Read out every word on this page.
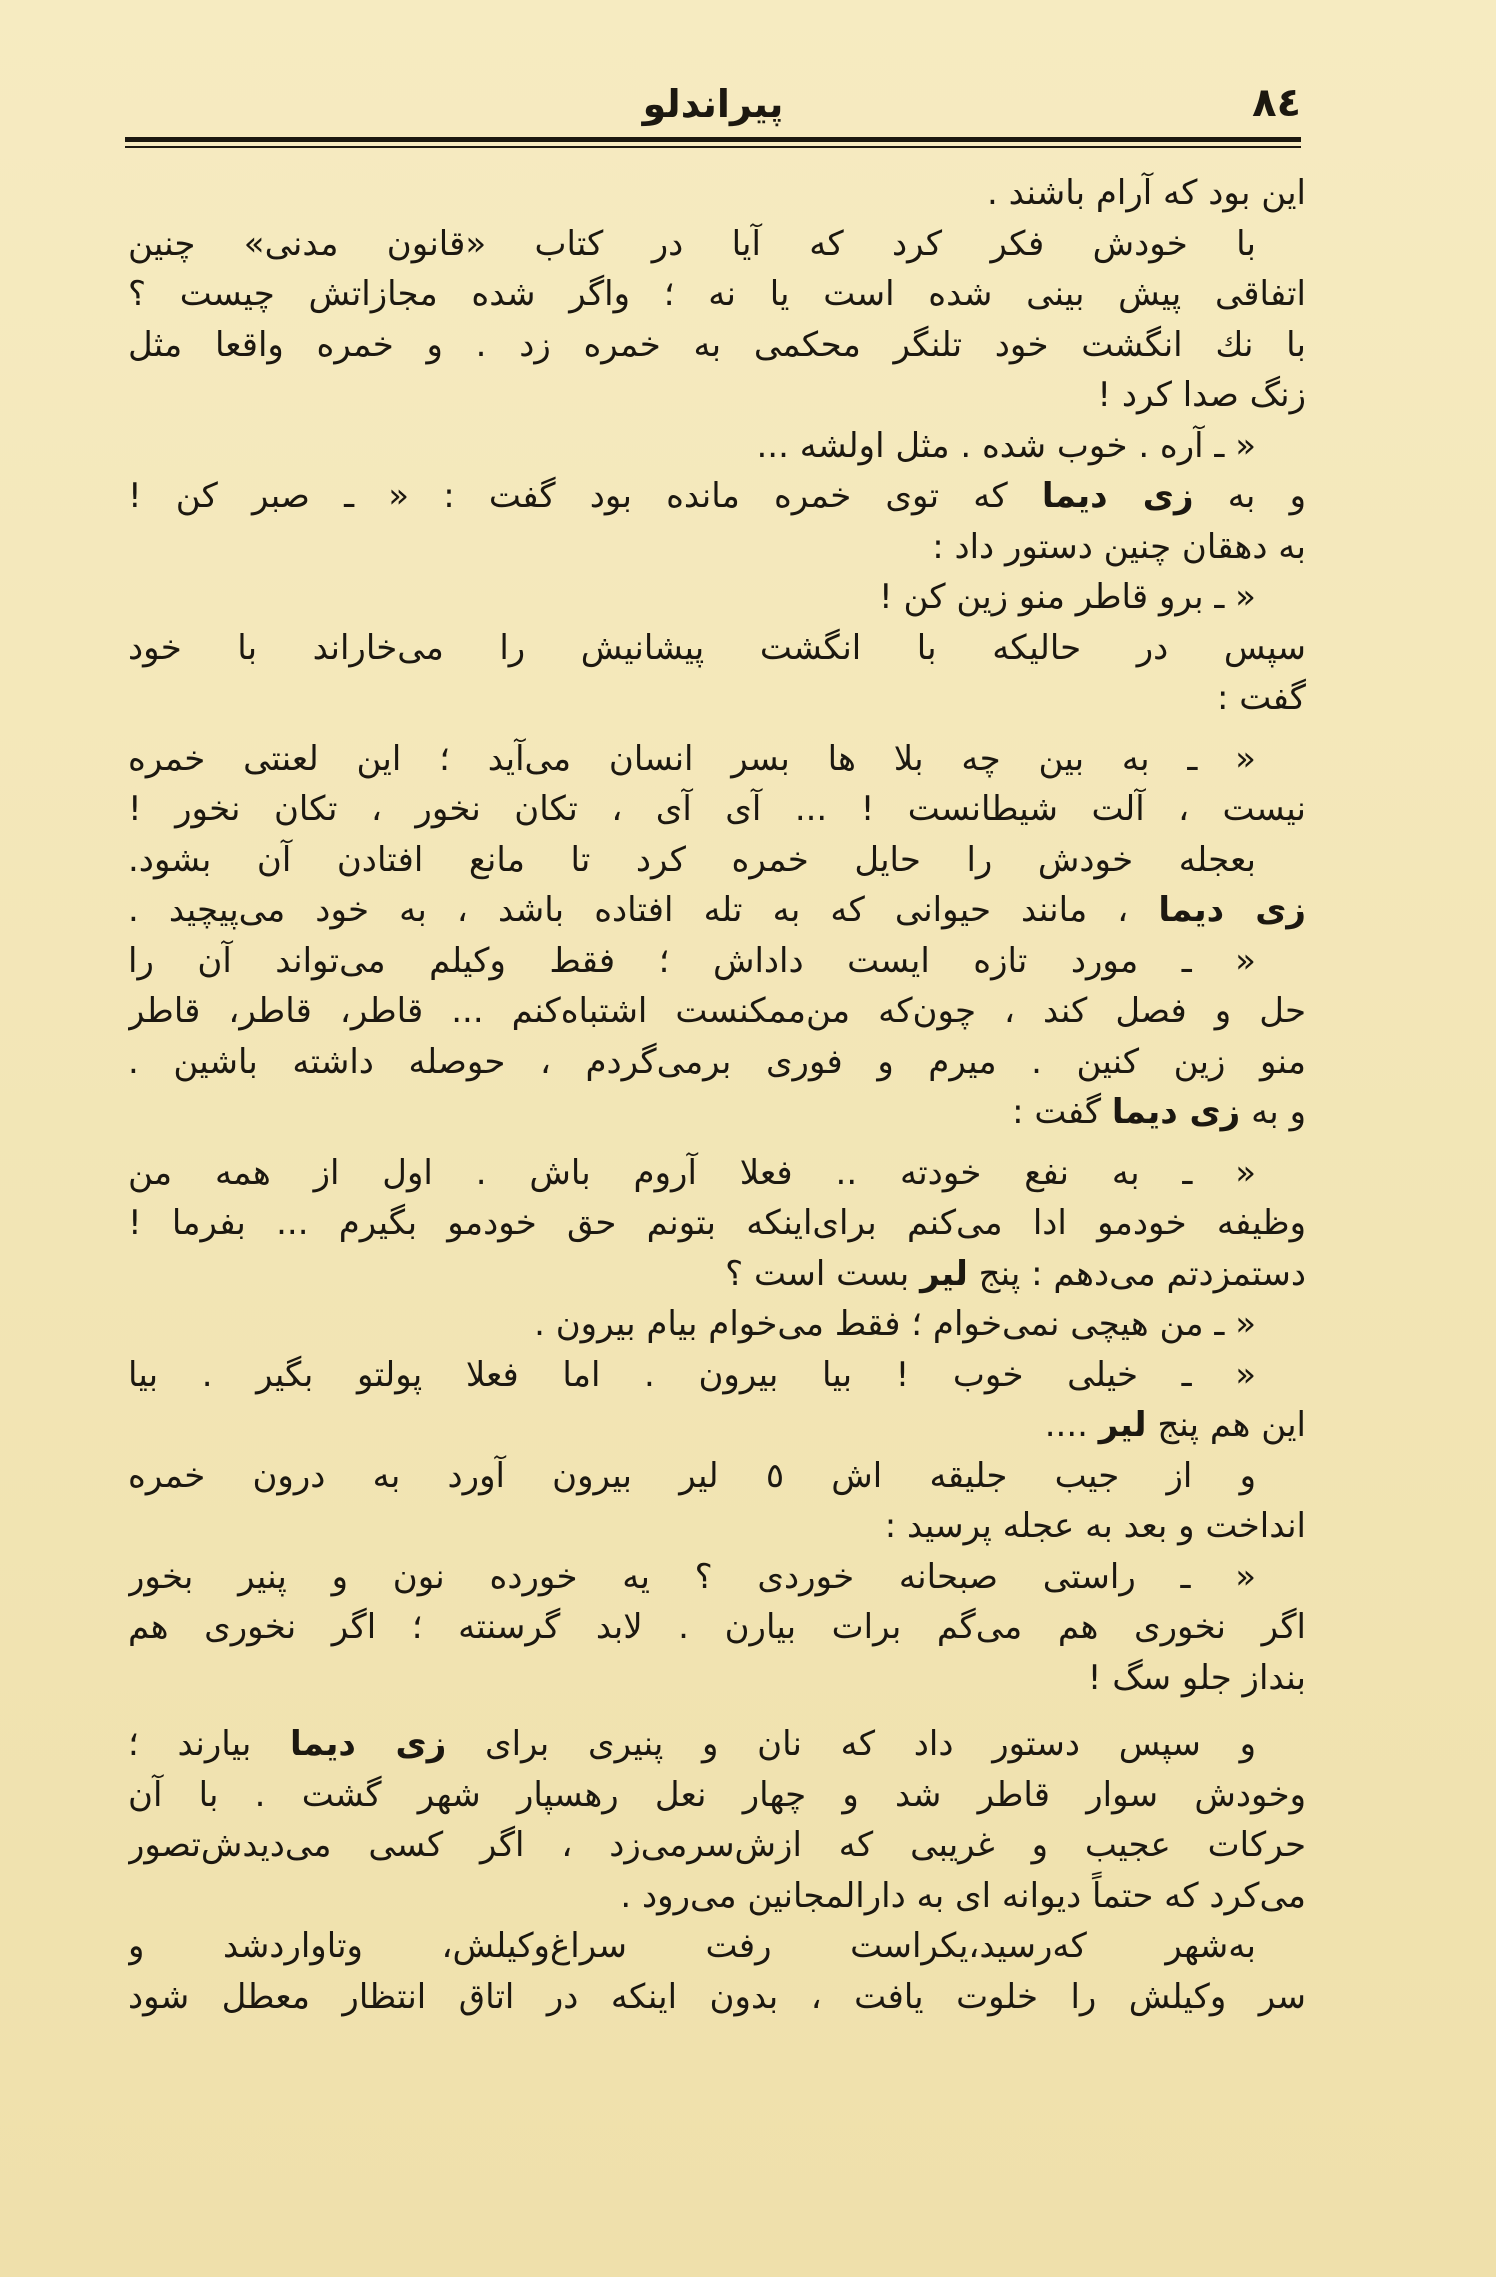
۸٤
پیراندلو
این بود که آرام باشند .
با خودش فکر کرد که آیا در کتاب «قانون مدنی» چنین
اتفاقی پیش بینی شده است یا نه ؛ واگر شده مجازاتش چیست ؟
با نك انگشت خود تلنگر محکمی به خمره زد . و خمره واقعا مثل
زنگ صدا کرد !
« ـ آره . خوب شده . مثل اولشه ...
و به زی دیما که توی خمره مانده بود گفت : « ـ صبر کن !
به دهقان چنین دستور داد :
« ـ برو قاطر منو زین کن !
سپس در حالیکه با انگشت پیشانیش را می‌خاراند با خود
گفت :
« ـ به بین چه بلا ها بسر انسان می‌آید ؛ این لعنتی خمره
نیست ، آلت شیطانست ! ... آی آی ، تکان نخور ، تکان نخور !
بعجله خودش را حایل خمره کرد تا مانع افتادن آن بشود.
زی دیما ، مانند حیوانی که به تله افتاده باشد ، به خود می‌پیچید .
« ـ مورد تازه ایست داداش ؛ فقط وکیلم می‌تواند آن را
حل و فصل کند ، چون‌که من‌ممکنست اشتباه‌کنم ... قاطر، قاطر، قاطر
منو زین کنین . میرم و فوری برمی‌گردم ، حوصله داشته باشین .
و به زی دیما گفت :
« ـ به نفع خودته .. فعلا آروم باش . اول از همه من
وظیفه خودمو ادا می‌کنم برای‌اینکه بتونم حق خودمو بگیرم ... بفرما !
دستمزدتم می‌دهم : پنج لیر بست است ؟
« ـ من هیچی نمی‌خوام ؛ فقط می‌خوام بیام بیرون .
« ـ خیلی خوب ! بیا بیرون . اما فعلا پولتو بگیر . بیا
این هم پنج لیر ....
و از جیب جلیقه اش ٥ لیر بیرون آورد به درون خمره
انداخت و بعد به عجله پرسید :
« ـ راستی صبحانه خوردی ؟ یه خورده نون و پنیر بخور
اگر نخوری هم می‌گم برات بیارن . لابد گرسنته ؛ اگر نخوری هم
بنداز جلو سگ !
و سپس دستور داد که نان و پنیری برای زی دیما بیارند ؛
وخودش سوار قاطر شد و چهار نعل رهسپار شهر گشت . با آن
حرکات عجیب و غریبی که ازش‌سرمی‌زد ، اگر کسی می‌دیدش‌تصور
می‌کرد که حتماً دیوانه ای به دارالمجانین می‌رود .
به‌شهر که‌رسید،یکراست رفت سراغ‌وکیلش، وتاواردشد و
سر وکیلش را خلوت یافت ، بدون اینکه در اتاق انتظار معطل شود
